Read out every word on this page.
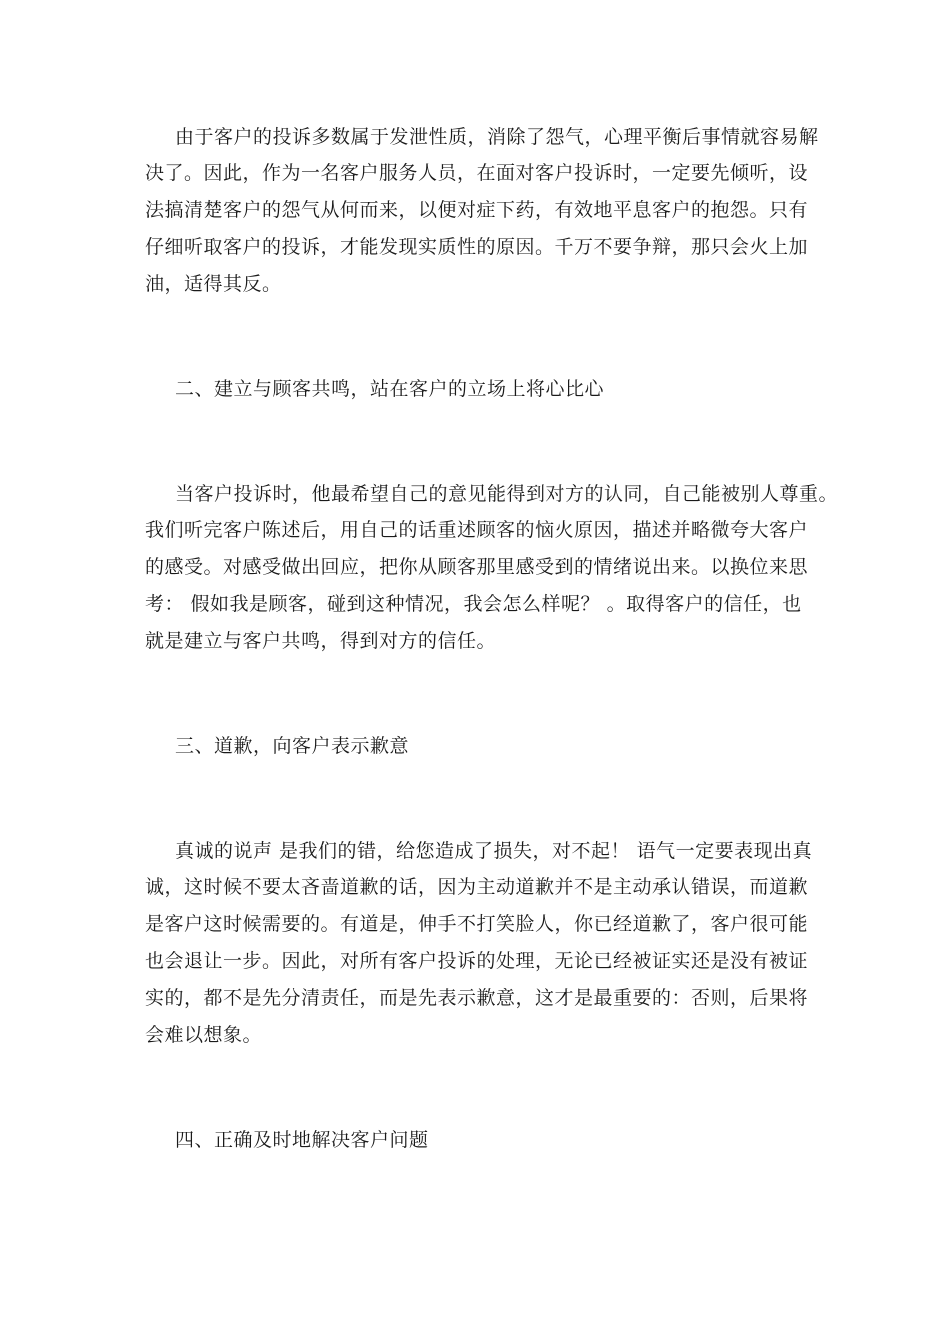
由于客户的投诉多数属于发泄性质，消除了怨气，心理平衡后事情就容易解
决了。因此，作为一名客户服务人员，在面对客户投诉时，一定要先倾听，设
法搞清楚客户的怨气从何而来，以便对症下药，有效地平息客户的抱怨。只有
仔细听取客户的投诉，才能发现实质性的原因。千万不要争辩，那只会火上加
油，适得其反。
二、建立与顾客共鸣，站在客户的立场上将心比心
当客户投诉时，他最希望自己的意见能得到对方的认同，自己能被别人尊重。
我们听完客户陈述后，用自己的话重述顾客的恼火原因，描述并略微夸大客户
的感受。对感受做出回应，把你从顾客那里感受到的情绪说出来。以换位来思
考： 假如我是顾客，碰到这种情况，我会怎么样呢？ 。取得客户的信任，也
就是建立与客户共鸣，得到对方的信任。
三、道歉，向客户表示歉意
真诚的说声 是我们的错，给您造成了损失，对不起！ 语气一定要表现出真
诚，这时候不要太吝啬道歉的话，因为主动道歉并不是主动承认错误，而道歉
是客户这时候需要的。有道是，伸手不打笑脸人，你已经道歉了，客户很可能
也会退让一步。因此，对所有客户投诉的处理，无论已经被证实还是没有被证
实的，都不是先分清责任，而是先表示歉意，这才是最重要的：否则，后果将
会难以想象。
四、正确及时地解决客户问题
